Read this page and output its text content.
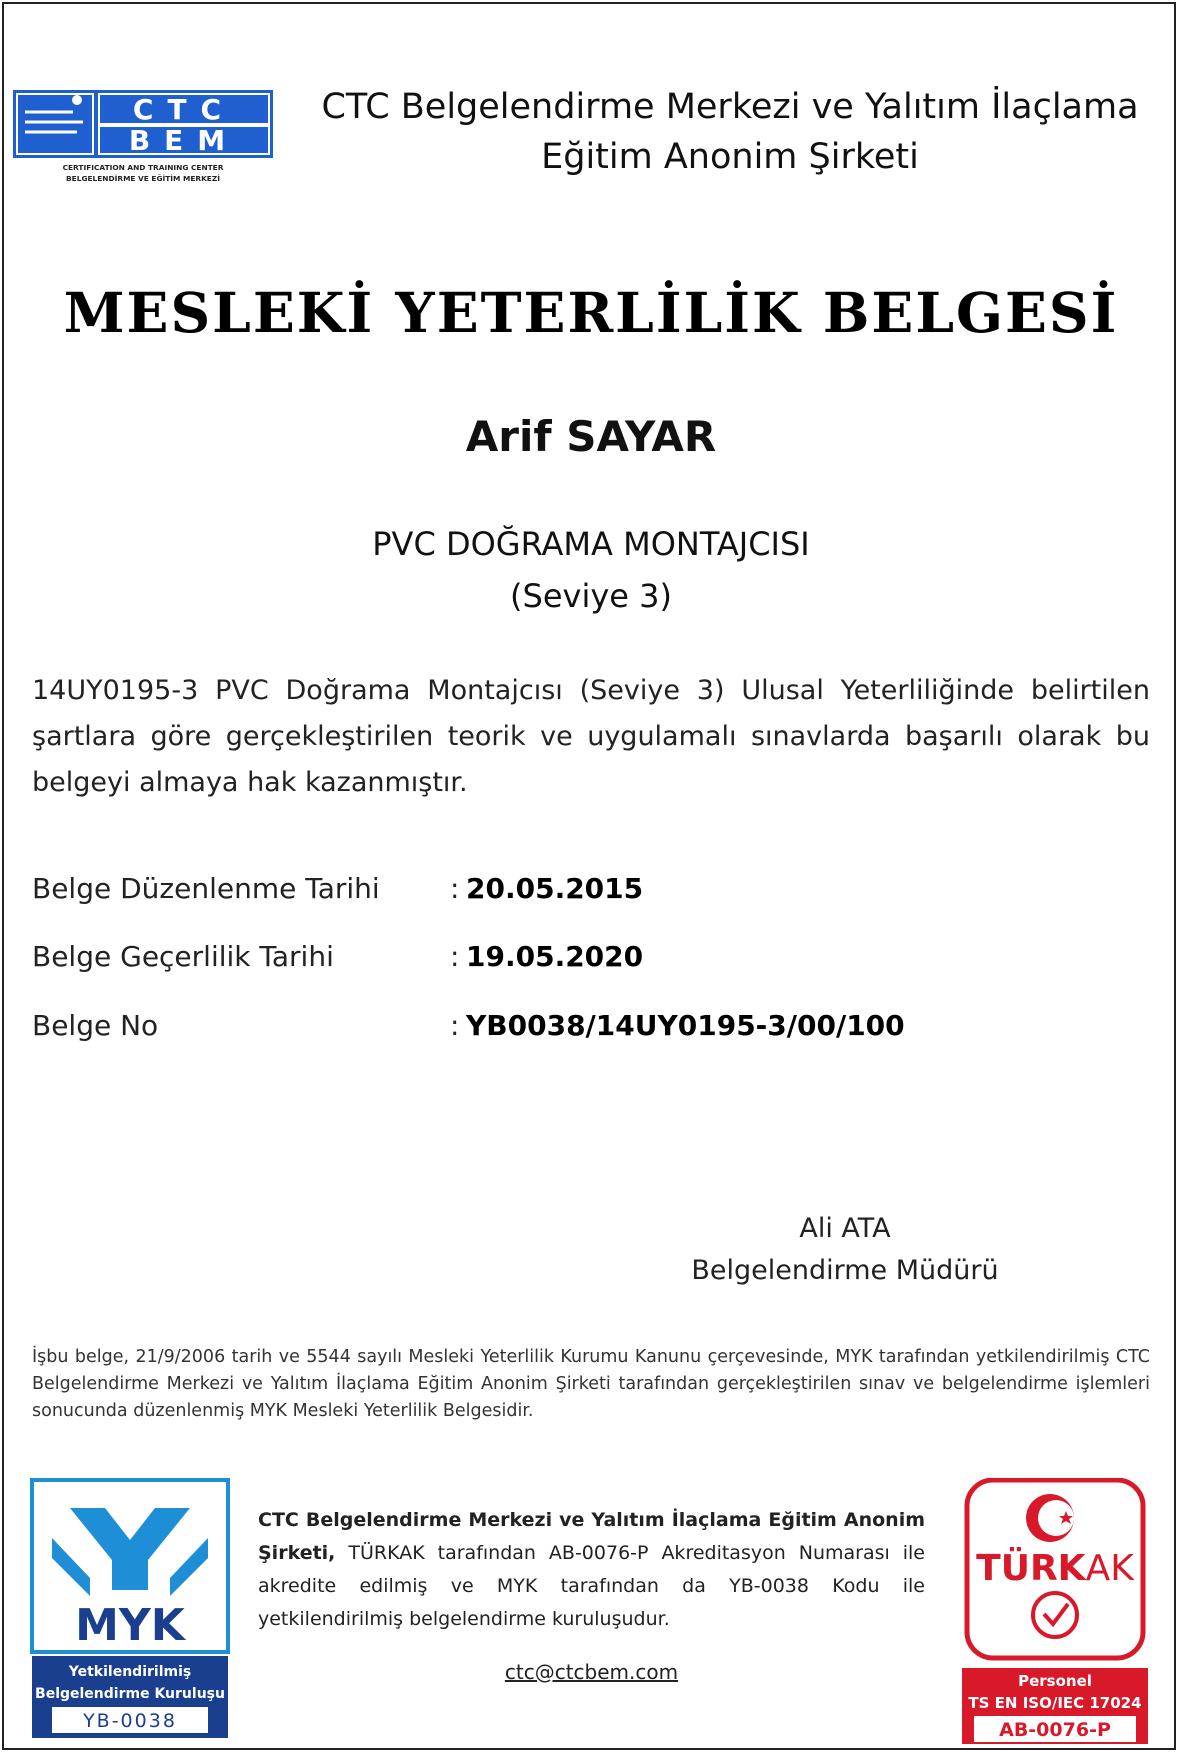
CTC
BEM
CERTIFICATION AND TRAINING CENTER
BELGELENDİRME VE EĞİTİM MERKEZİ
CTC Belgelendirme Merkezi ve Yalıtım İlaçlama
Eğitim Anonim Şirketi
MESLEKİ YETERLİLİK BELGESİ
Arif SAYAR
PVC DOĞRAMA MONTAJCISI
(Seviye 3)
14UY0195-3 PVC Doğrama Montajcısı (Seviye 3) Ulusal Yeterliliğinde belirtilen şartlara göre gerçekleştirilen teorik ve uygulamalı sınavlarda başarılı olarak bu belgeyi almaya hak kazanmıştır.
Belge Düzenlenme Tarihi	: 20.05.2015
Belge Geçerlilik Tarihi	: 19.05.2020
Belge No	: YB0038/14UY0195-3/00/100
Ali ATA
Belgelendirme Müdürü
İşbu belge, 21/9/2006 tarih ve 5544 sayılı Mesleki Yeterlilik Kurumu Kanunu çerçevesinde, MYK tarafından yetkilendirilmiş CTC Belgelendirme Merkezi ve Yalıtım İlaçlama Eğitim Anonim Şirketi tarafından gerçekleştirilen sınav ve belgelendirme işlemleri sonucunda düzenlenmiş MYK Mesleki Yeterlilik Belgesidir.
MYK
Yetkilendirilmiş
Belgelendirme Kuruluşu
YB-0038
CTC Belgelendirme Merkezi ve Yalıtım İlaçlama Eğitim Anonim Şirketi, TÜRKAK tarafından AB-0076-P Akreditasyon Numarası ile akredite edilmiş ve MYK tarafından da YB-0038 Kodu ile yetkilendirilmiş belgelendirme kuruluşudur.
ctc@ctcbem.com
TÜRKAK
Personel
TS EN ISO/IEC 17024
AB-0076-P
